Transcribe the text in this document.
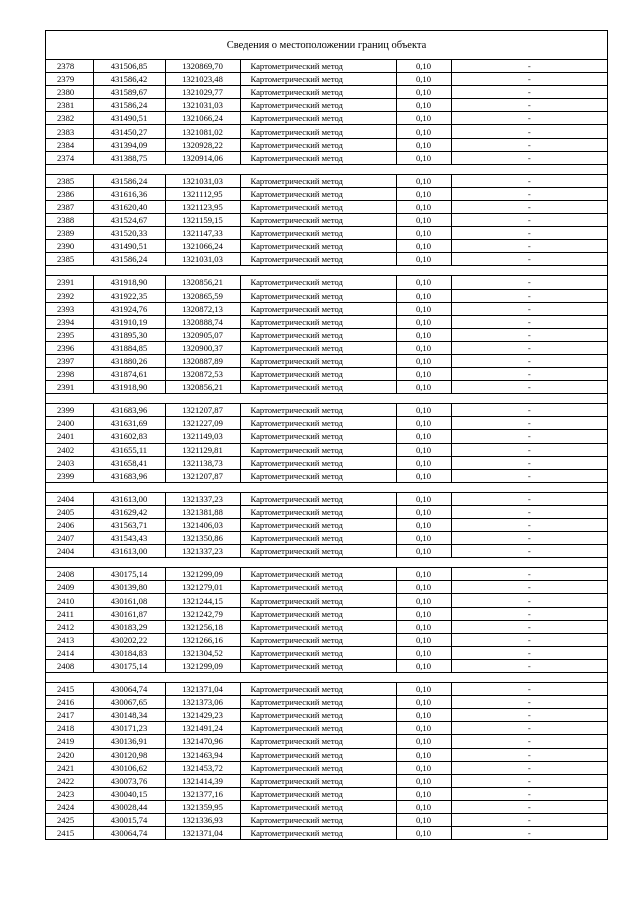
Сведения о местоположении границ объекта
2378	431506,85	1320869,70	Картометрический метод	0,10	-
2379	431586,42	1321023,48	Картометрический метод	0,10	-
2380	431589,67	1321029,77	Картометрический метод	0,10	-
2381	431586,24	1321031,03	Картометрический метод	0,10	-
2382	431490,51	1321066,24	Картометрический метод	0,10	-
2383	431450,27	1321081,02	Картометрический метод	0,10	-
2384	431394,09	1320928,22	Картометрический метод	0,10	-
2374	431388,75	1320914,06	Картометрический метод	0,10	-

2385	431586,24	1321031,03	Картометрический метод	0,10	-
2386	431616,36	1321112,95	Картометрический метод	0,10	-
2387	431620,40	1321123,95	Картометрический метод	0,10	-
2388	431524,67	1321159,15	Картометрический метод	0,10	-
2389	431520,33	1321147,33	Картометрический метод	0,10	-
2390	431490,51	1321066,24	Картометрический метод	0,10	-
2385	431586,24	1321031,03	Картометрический метод	0,10	-

2391	431918,90	1320856,21	Картометрический метод	0,10	-
2392	431922,35	1320865,59	Картометрический метод	0,10	-
2393	431924,76	1320872,13	Картометрический метод	0,10	-
2394	431910,19	1320888,74	Картометрический метод	0,10	-
2395	431895,30	1320905,07	Картометрический метод	0,10	-
2396	431884,85	1320900,37	Картометрический метод	0,10	-
2397	431880,26	1320887,89	Картометрический метод	0,10	-
2398	431874,61	1320872,53	Картометрический метод	0,10	-
2391	431918,90	1320856,21	Картометрический метод	0,10	-

2399	431683,96	1321207,87	Картометрический метод	0,10	-
2400	431631,69	1321227,09	Картометрический метод	0,10	-
2401	431602,83	1321149,03	Картометрический метод	0,10	-
2402	431655,11	1321129,81	Картометрический метод	0,10	-
2403	431658,41	1321138,73	Картометрический метод	0,10	-
2399	431683,96	1321207,87	Картометрический метод	0,10	-

2404	431613,00	1321337,23	Картометрический метод	0,10	-
2405	431629,42	1321381,88	Картометрический метод	0,10	-
2406	431563,71	1321406,03	Картометрический метод	0,10	-
2407	431543,43	1321350,86	Картометрический метод	0,10	-
2404	431613,00	1321337,23	Картометрический метод	0,10	-

2408	430175,14	1321299,09	Картометрический метод	0,10	-
2409	430139,80	1321279,01	Картометрический метод	0,10	-
2410	430161,08	1321244,15	Картометрический метод	0,10	-
2411	430161,87	1321242,79	Картометрический метод	0,10	-
2412	430183,29	1321256,18	Картометрический метод	0,10	-
2413	430202,22	1321266,16	Картометрический метод	0,10	-
2414	430184,83	1321304,52	Картометрический метод	0,10	-
2408	430175,14	1321299,09	Картометрический метод	0,10	-

2415	430064,74	1321371,04	Картометрический метод	0,10	-
2416	430067,65	1321373,06	Картометрический метод	0,10	-
2417	430148,34	1321429,23	Картометрический метод	0,10	-
2418	430171,23	1321491,24	Картометрический метод	0,10	-
2419	430136,91	1321470,96	Картометрический метод	0,10	-
2420	430120,98	1321463,94	Картометрический метод	0,10	-
2421	430106,62	1321453,72	Картометрический метод	0,10	-
2422	430073,76	1321414,39	Картометрический метод	0,10	-
2423	430040,15	1321377,16	Картометрический метод	0,10	-
2424	430028,44	1321359,95	Картометрический метод	0,10	-
2425	430015,74	1321336,93	Картометрический метод	0,10	-
2415	430064,74	1321371,04	Картометрический метод	0,10	-
